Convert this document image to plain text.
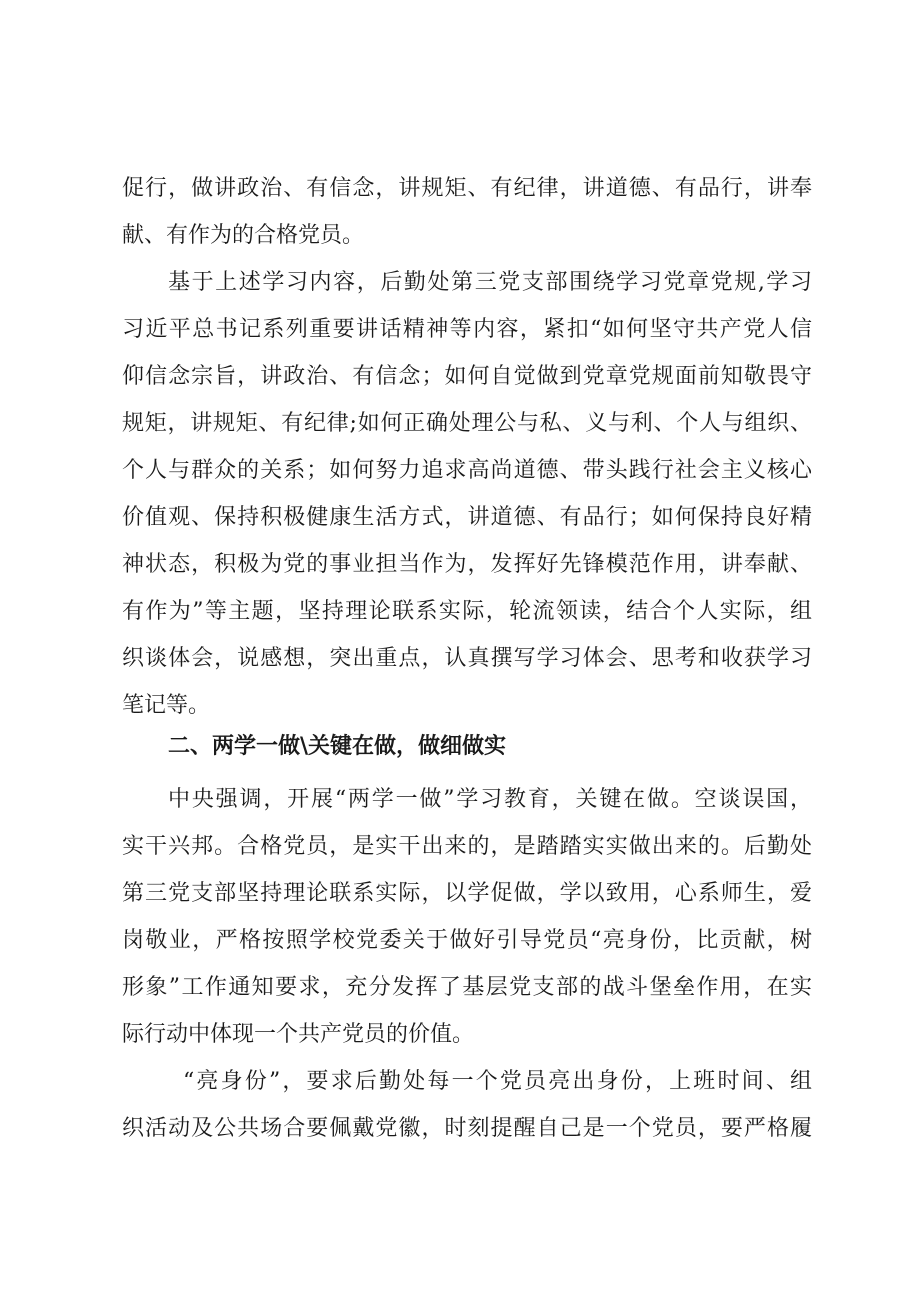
促行，做讲政治、有信念，讲规矩、有纪律，讲道德、有品行，讲奉
献、有作为的合格党员。
基于上述学习内容，后勤处第三党支部围绕学习党章党规,学习
习近平总书记系列重要讲话精神等内容，紧扣“如何坚守共产党人信
仰信念宗旨，讲政治、有信念；如何自觉做到党章党规面前知敬畏守
规矩，讲规矩、有纪律;如何正确处理公与私、义与利、个人与组织、
个人与群众的关系；如何努力追求高尚道德、带头践行社会主义核心
价值观、保持积极健康生活方式，讲道德、有品行；如何保持良好精
神状态，积极为党的事业担当作为，发挥好先锋模范作用，讲奉献、
有作为”等主题，坚持理论联系实际，轮流领读，结合个人实际，组
织谈体会，说感想，突出重点，认真撰写学习体会、思考和收获学习
笔记等。
二、两学一做\关键在做，做细做实
中央强调，开展“两学一做”学习教育，关键在做。空谈误国，
实干兴邦。合格党员，是实干出来的，是踏踏实实做出来的。后勤处
第三党支部坚持理论联系实际，以学促做，学以致用，心系师生，爱
岗敬业，严格按照学校党委关于做好引导党员“亮身份，比贡献，树
形象”工作通知要求，充分发挥了基层党支部的战斗堡垒作用，在实
际行动中体现一个共产党员的价值。
“亮身份”，要求后勤处每一个党员亮出身份，上班时间、组
织活动及公共场合要佩戴党徽，时刻提醒自己是一个党员，要严格履
